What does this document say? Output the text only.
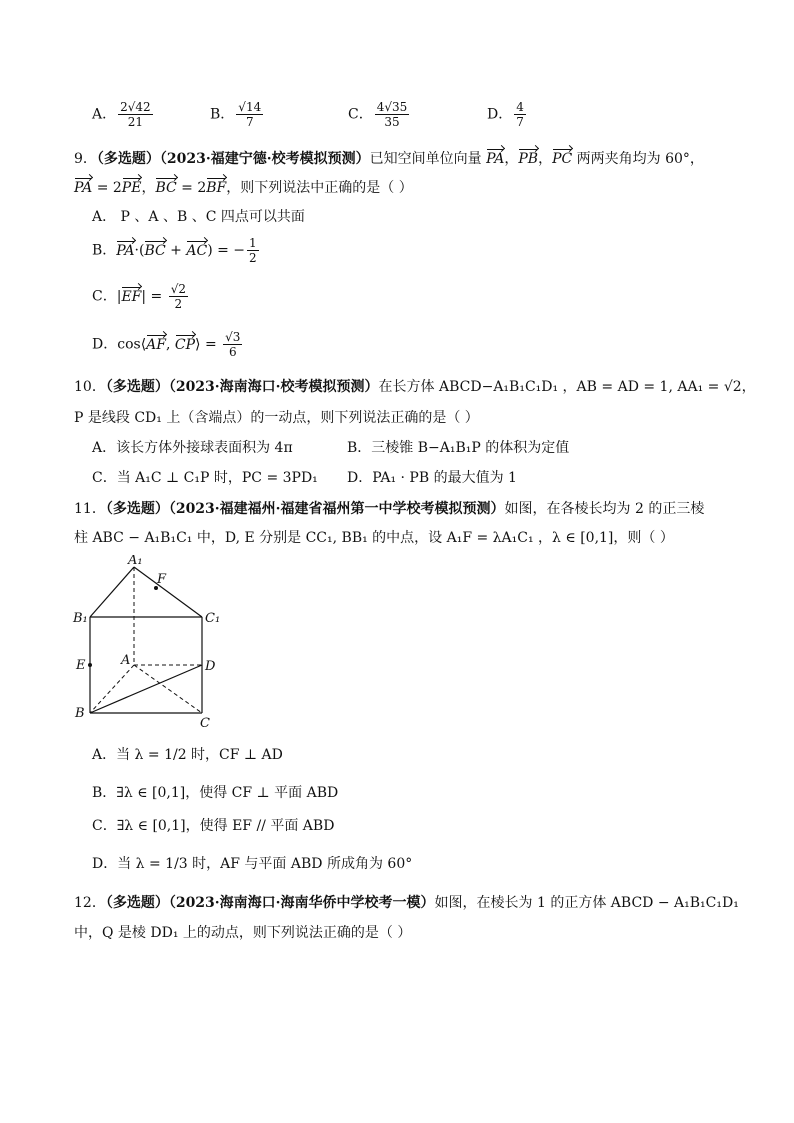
A． $\frac{2√42}{21}$	B． $\frac{√14}{7}$	C． $\frac{4√35}{35}$	D． $\frac{4}{7}$
9．（多选题）（2023·福建宁德·校考模拟预测）已知空间单位向量 PA，PB，PC 两两夹角均为 60°，
PA = 2PE，BC = 2BF，则下列说法中正确的是（ ）
A． P 、A 、B 、C 四点可以共面
B．PA·(BC + AC) = − $\frac{1}{2}$
C．$|EF| = \frac{√2}{2}$
D．cos⟨AF, CP⟩ = $\frac{√3}{6}$
10．（多选题）（2023·海南海口·校考模拟预测）在长方体 ABCD−A₁B₁C₁D₁ ，AB = AD = 1, AA₁ = √2，
P 是线段 CD₁ 上（含端点）的一动点，则下列说法正确的是（ ）
A．该长方体外接球表面积为 4π	B．三棱锥 B−A₁B₁P 的体积为定值
C．当 A₁C ⊥ C₁P 时，PC = 3PD₁ D．PA₁ · PB 的最大值为 1
11．（多选题）（2023·福建福州·福建省福州第一中学校考模拟预测）如图，在各棱长均为 2 的正三棱
柱 ABC − A₁B₁C₁ 中，D, E 分别是 CC₁, BB₁ 的中点，设 A₁F = λA₁C₁ ，λ ∈ [0,1]，则（ ）
A₁
F
B₁	C₁
E	A	D
B
C
A．当 λ = 1/2 时，CF ⊥ AD
B．∃λ ∈ [0,1]，使得 CF ⊥ 平面 ABD
C．∃λ ∈ [0,1]，使得 EF // 平面 ABD
D．当 λ = 1/3 时，AF 与平面 ABD 所成角为 60°
12．（多选题）（2023·海南海口·海南华侨中学校考一模）如图，在棱长为 1 的正方体 ABCD − A₁B₁C₁D₁
中，Q 是棱 DD₁ 上的动点，则下列说法正确的是（ ）
